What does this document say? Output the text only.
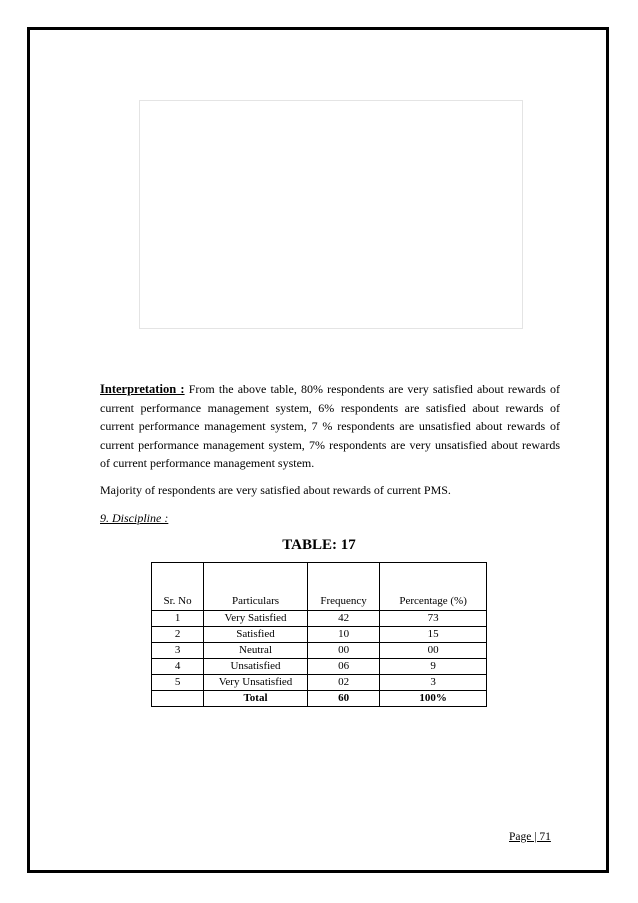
Interpretation : From the above table, 80% respondents are very satisfied about rewards of current performance management system, 6% respondents are satisfied about rewards of current performance management system, 7 % respondents are unsatisfied about rewards of current performance management system, 7% respondents are very unsatisfied about rewards of current performance management system.
Majority of respondents are very satisfied about rewards of current PMS.
9. Discipline :
TABLE: 17
Sr. No	Particulars	Frequency	Percentage (%)
1	Very Satisfied	42	73
2	Satisfied	10	15
3	Neutral	00	00
4	Unsatisfied	06	9
5	Very Unsatisfied	02	3
	Total	60	100%
Page | 71
